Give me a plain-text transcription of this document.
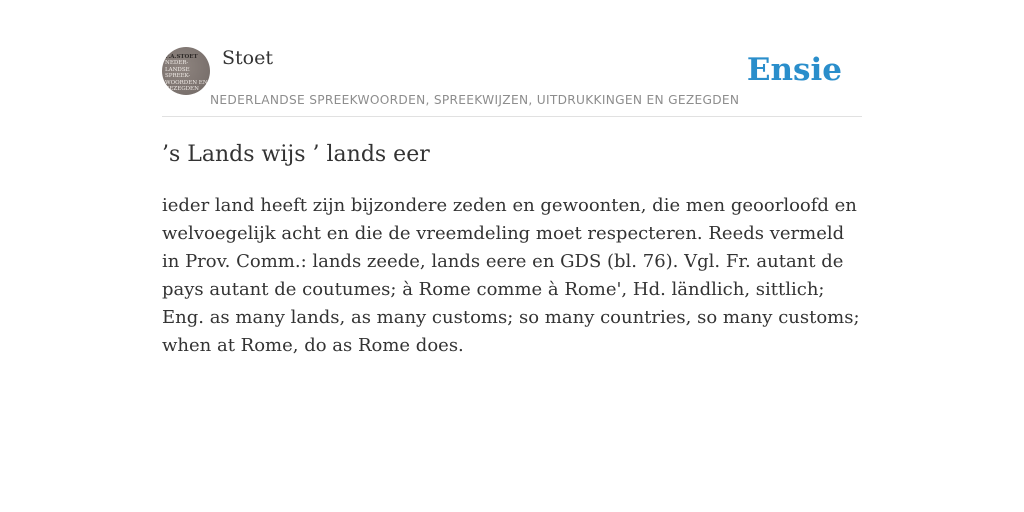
F.A.STOET
NEDER-
LANDSE
SPREEK-
WOORDEN EN
GEZEGDEN
Stoet
NEDERLANDSE SPREEKWOORDEN, SPREEKWIJZEN, UITDRUKKINGEN EN GEZEGDEN
Ensie
’s Lands wijs ’ lands eer

ieder land heeft zijn bijzondere zeden en gewoonten, die men geoorloofd en welvoegelijk acht en die de vreemdeling moet respecteren. Reeds vermeld in Prov. Comm.: lands zeede, lands eere en GDS (bl. 76). Vgl. Fr. autant de pays autant de coutumes; à Rome comme à Rome', Hd. ländlich, sittlich; Eng. as many lands, as many customs; so many countries, so many customs; when at Rome, do as Rome does.
